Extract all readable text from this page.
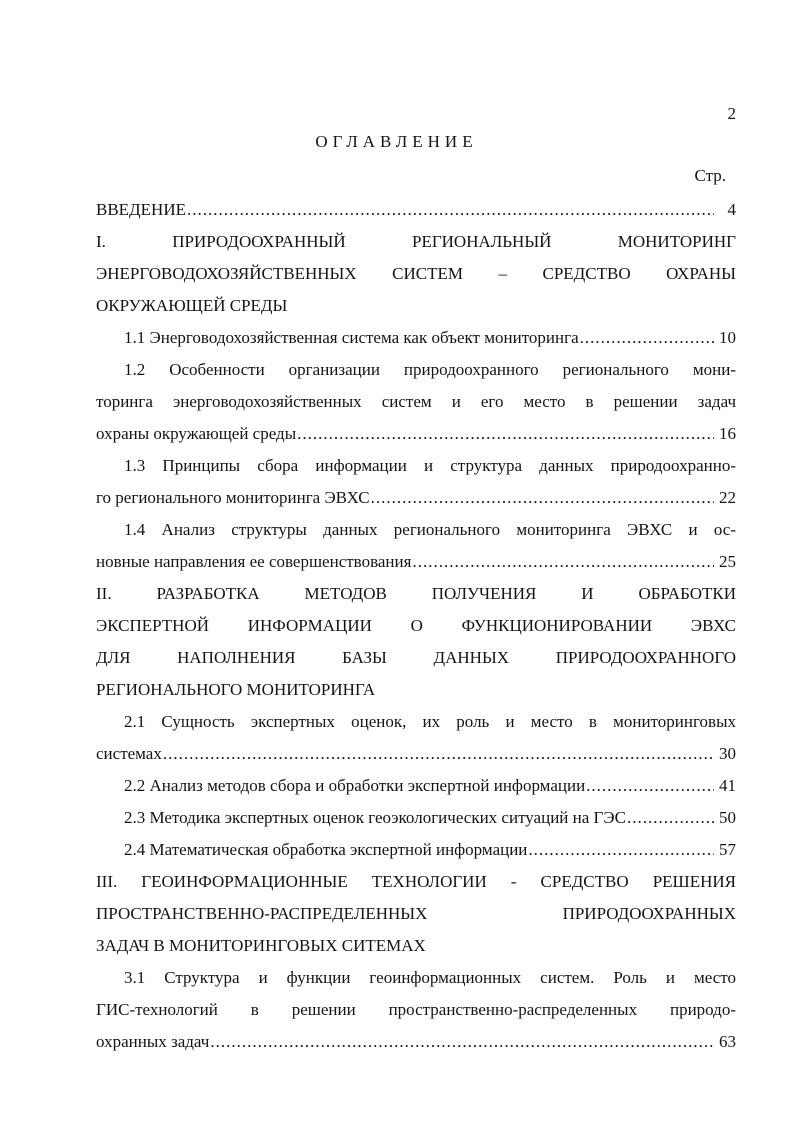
2
ОГЛАВЛЕНИЕ
Стр.
ВВЕДЕНИЕ .....	4
I. ПРИРОДООХРАННЫЙ РЕГИОНАЛЬНЫЙ МОНИТОРИНГ
ЭНЕРГОВОДОХОЗЯЙСТВЕННЫХ СИСТЕМ – СРЕДСТВО ОХРАНЫ
ОКРУЖАЮЩЕЙ СРЕДЫ
1.1 Энерговодохозяйственная система как объект мониторинга .....	10
1.2 Особенности организации природоохранного регионального мони-
торинга энерговодохозяйственных систем и его место в решении задач
охраны окружающей среды .....	16
1.3 Принципы сбора информации и структура данных природоохранно-
го регионального мониторинга ЭВХС .....	22
1.4 Анализ структуры данных регионального мониторинга ЭВХС и ос-
новные направления ее совершенствования .....	25
II. РАЗРАБОТКА МЕТОДОВ ПОЛУЧЕНИЯ И ОБРАБОТКИ
ЭКСПЕРТНОЙ ИНФОРМАЦИИ О ФУНКЦИОНИРОВАНИИ ЭВХС
ДЛЯ НАПОЛНЕНИЯ БАЗЫ ДАННЫХ ПРИРОДООХРАННОГО
РЕГИОНАЛЬНОГО МОНИТОРИНГА
2.1 Сущность экспертных оценок, их роль и место в мониторинговых
системах .....	30
2.2 Анализ методов сбора и обработки экспертной информации .....	41
2.3 Методика экспертных оценок геоэкологических ситуаций на ГЭС .....	50
2.4 Математическая обработка экспертной информации .....	57
III. ГЕОИНФОРМАЦИОННЫЕ ТЕХНОЛОГИИ - СРЕДСТВО РЕШЕНИЯ
ПРОСТРАНСТВЕННО-РАСПРЕДЕЛЕННЫХ ПРИРОДООХРАННЫХ
ЗАДАЧ В МОНИТОРИНГОВЫХ СИТЕМАХ
3.1 Структура и функции геоинформационных систем. Роль и место
ГИС-технологий в решении пространственно-распределенных природо-
охранных задач .....	63
